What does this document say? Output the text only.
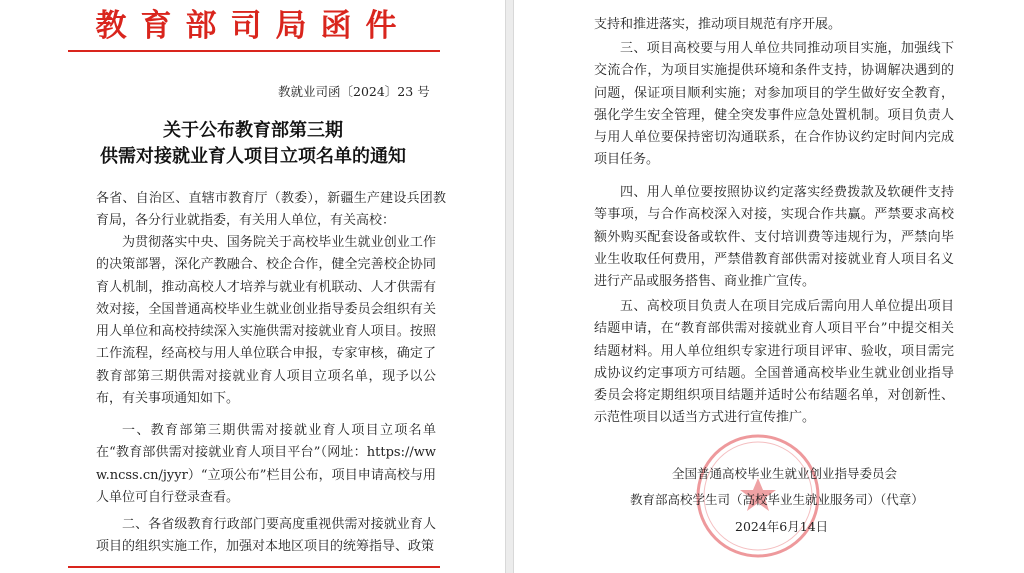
教育部司局函件
教就业司函〔2024〕23 号
关于公布教育部第三期
供需对接就业育人项目立项名单的通知
各省、自治区、直辖市教育厅（教委），新疆生产建设兵团教育局，各分行业就指委，有关用人单位，有关高校：
为贯彻落实中央、国务院关于高校毕业生就业创业工作的决策部署，深化产教融合、校企合作，健全完善校企协同育人机制，推动高校人才培养与就业有机联动、人才供需有效对接，全国普通高校毕业生就业创业指导委员会组织有关用人单位和高校持续深入实施供需对接就业育人项目。按照工作流程，经高校与用人单位联合申报，专家审核，确定了教育部第三期供需对接就业育人项目立项名单，现予以公布，有关事项通知如下。
一、教育部第三期供需对接就业育人项目立项名单在“教育部供需对接就业育人项目平台”（网址：https://www.ncss.cn/jyyr）“立项公布”栏目公布，项目申请高校与用人单位可自行登录查看。
二、各省级教育行政部门要高度重视供需对接就业育人项目的组织实施工作，加强对本地区项目的统筹指导、政策
支持和推进落实，推动项目规范有序开展。
三、项目高校要与用人单位共同推动项目实施，加强线下交流合作，为项目实施提供环境和条件支持，协调解决遇到的问题，保证项目顺利实施；对参加项目的学生做好安全教育，强化学生安全管理，健全突发事件应急处置机制。项目负责人与用人单位要保持密切沟通联系，在合作协议约定时间内完成项目任务。
四、用人单位要按照协议约定落实经费拨款及软硬件支持等事项，与合作高校深入对接，实现合作共赢。严禁要求高校额外购买配套设备或软件、支付培训费等违规行为，严禁向毕业生收取任何费用，严禁借教育部供需对接就业育人项目名义进行产品或服务搭售、商业推广宣传。
五、高校项目负责人在项目完成后需向用人单位提出项目结题申请，在“教育部供需对接就业育人项目平台”中提交相关结题材料。用人单位组织专家进行项目评审、验收，项目需完成协议约定事项方可结题。全国普通高校毕业生就业创业指导委员会将定期组织项目结题并适时公布结题名单，对创新性、示范性项目以适当方式进行宣传推广。
全国普通高校毕业生就业创业指导委员会
教育部高校学生司（高校毕业生就业服务司）（代章）
2024年6月14日
